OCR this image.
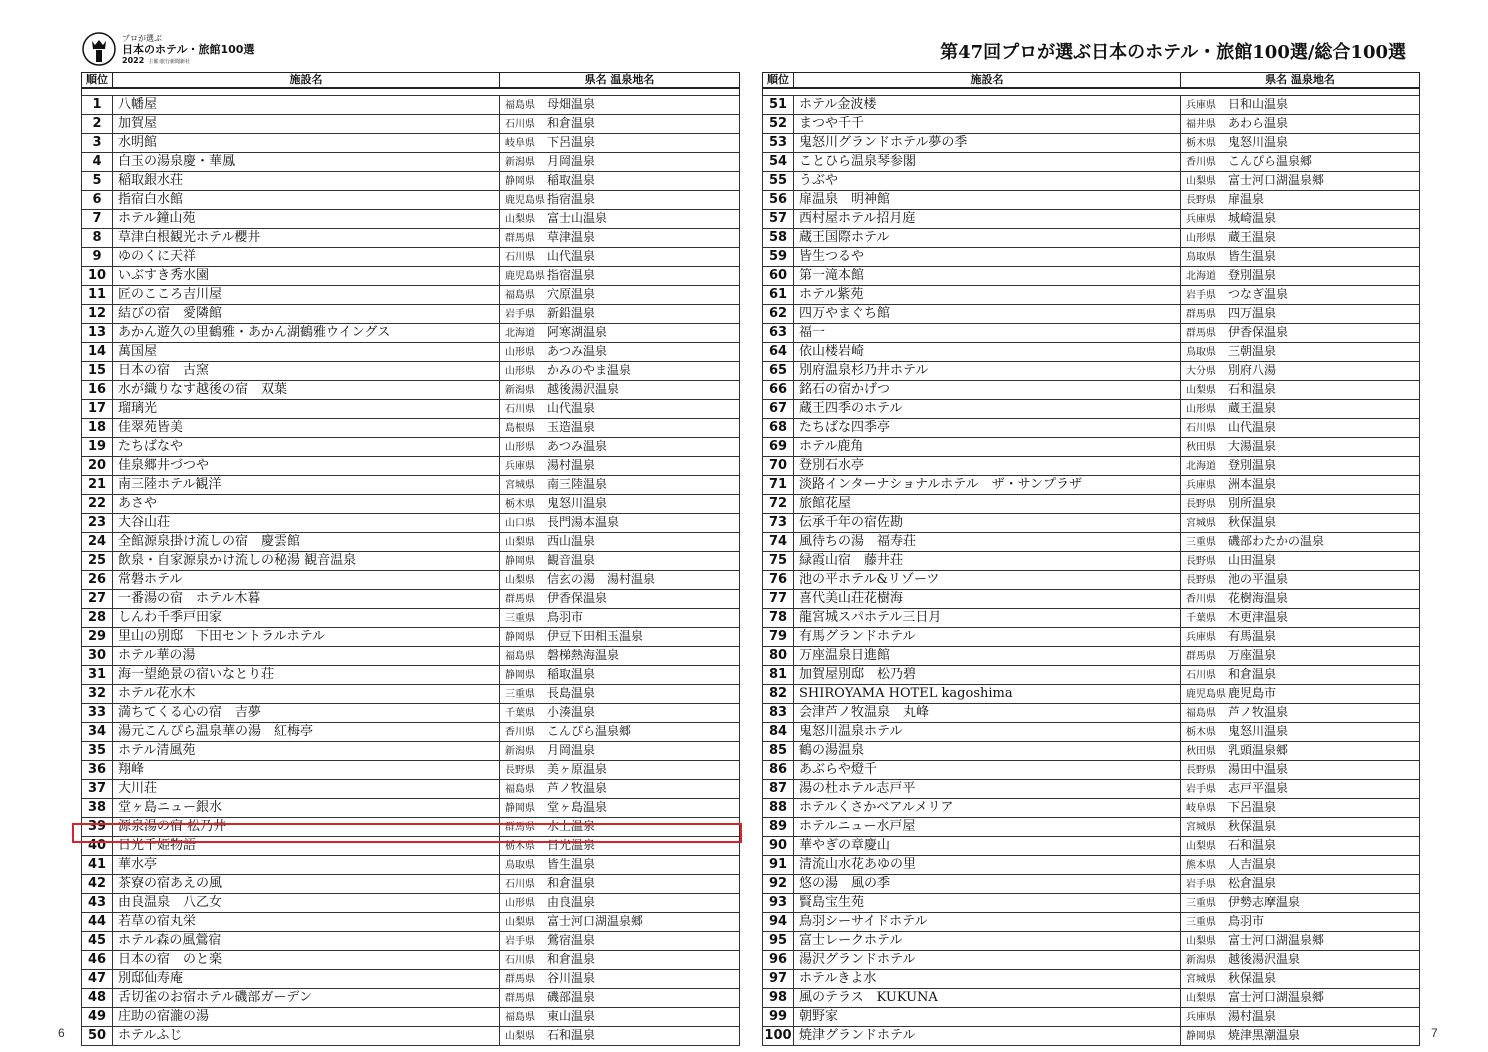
プロが選ぶ
日本のホテル・旅館100選
2022 主催:旅行新聞新社	第47回プロが選ぶ日本のホテル・旅館100選/総合100選
順位	施設名	県名 温泉地名

1	八幡屋	福島県 母畑温泉
2	加賀屋	石川県 和倉温泉
3	水明館	岐阜県 下呂温泉
4	白玉の湯泉慶・華鳳	新潟県 月岡温泉
5	稲取銀水荘	静岡県 稲取温泉
6	指宿白水館	鹿児島県 指宿温泉
7	ホテル鐘山苑	山梨県 富士山温泉
8	草津白根観光ホテル櫻井	群馬県 草津温泉
9	ゆのくに天祥	石川県 山代温泉
10	いぶすき秀水園	鹿児島県 指宿温泉
11	匠のこころ吉川屋	福島県 穴原温泉
12	結びの宿　愛隣館	岩手県 新鉛温泉
13	あかん遊久の里鶴雅・あかん湖鶴雅ウイングス	北海道 阿寒湖温泉
14	萬国屋	山形県 あつみ温泉
15	日本の宿　古窯	山形県 かみのやま温泉
16	水が織りなす越後の宿　双葉	新潟県 越後湯沢温泉
17	瑠璃光	石川県 山代温泉
18	佳翠苑皆美	島根県 玉造温泉
19	たちばなや	山形県 あつみ温泉
20	佳泉郷井づつや	兵庫県 湯村温泉
21	南三陸ホテル観洋	宮城県 南三陸温泉
22	あさや	栃木県 鬼怒川温泉
23	大谷山荘	山口県 長門湯本温泉
24	全館源泉掛け流しの宿　慶雲館	山梨県 西山温泉
25	飲泉・自家源泉かけ流しの秘湯 観音温泉	静岡県 観音温泉
26	常磐ホテル	山梨県 信玄の湯　湯村温泉
27	一番湯の宿　ホテル木暮	群馬県 伊香保温泉
28	しんわ千季戸田家	三重県 鳥羽市
29	里山の別邸　下田セントラルホテル	静岡県 伊豆下田相玉温泉
30	ホテル華の湯	福島県 磐梯熱海温泉
31	海一望絶景の宿いなとり荘	静岡県 稲取温泉
32	ホテル花水木	三重県 長島温泉
33	満ちてくる心の宿　吉夢	千葉県 小湊温泉
34	湯元こんぴら温泉華の湯　紅梅亭	香川県 こんぴら温泉郷
35	ホテル清風苑	新潟県 月岡温泉
36	翔峰	長野県 美ヶ原温泉
37	大川荘	福島県 芦ノ牧温泉
38	堂ヶ島ニュー銀水	静岡県 堂ヶ島温泉
39	源泉湯の宿 松乃井	群馬県 水上温泉
40	日光千姫物語	栃木県 日光温泉
41	華水亭	鳥取県 皆生温泉
42	茶寮の宿あえの風	石川県 和倉温泉
43	由良温泉　八乙女	山形県 由良温泉
44	若草の宿丸栄	山梨県 富士河口湖温泉郷
45	ホテル森の風鶯宿	岩手県 鶯宿温泉
46	日本の宿　のと楽	石川県 和倉温泉
47	別邸仙寿庵	群馬県 谷川温泉
48	舌切雀のお宿ホテル磯部ガーデン	群馬県 磯部温泉
49	庄助の宿瀧の湯	福島県 東山温泉
50	ホテルふじ	山梨県 石和温泉
順位	施設名	県名 温泉地名

51	ホテル金波楼	兵庫県 日和山温泉
52	まつや千千	福井県 あわら温泉
53	鬼怒川グランドホテル夢の季	栃木県 鬼怒川温泉
54	ことひら温泉琴参閣	香川県 こんぴら温泉郷
55	うぶや	山梨県 富士河口湖温泉郷
56	扉温泉　明神館	長野県 扉温泉
57	西村屋ホテル招月庭	兵庫県 城崎温泉
58	蔵王国際ホテル	山形県 蔵王温泉
59	皆生つるや	鳥取県 皆生温泉
60	第一滝本館	北海道 登別温泉
61	ホテル紫苑	岩手県 つなぎ温泉
62	四万やまぐち館	群馬県 四万温泉
63	福一	群馬県 伊香保温泉
64	依山楼岩崎	鳥取県 三朝温泉
65	別府温泉杉乃井ホテル	大分県 別府八湯
66	銘石の宿かげつ	山梨県 石和温泉
67	蔵王四季のホテル	山形県 蔵王温泉
68	たちばな四季亭	石川県 山代温泉
69	ホテル鹿角	秋田県 大湯温泉
70	登別石水亭	北海道 登別温泉
71	淡路インターナショナルホテル　ザ・サンプラザ	兵庫県 洲本温泉
72	旅館花屋	長野県 別所温泉
73	伝承千年の宿佐勘	宮城県 秋保温泉
74	風待ちの湯　福寿荘	三重県 磯部わたかの温泉
75	緑霞山宿　藤井荘	長野県 山田温泉
76	池の平ホテル&リゾーツ	長野県 池の平温泉
77	喜代美山荘花樹海	香川県 花樹海温泉
78	龍宮城スパホテル三日月	千葉県 木更津温泉
79	有馬グランドホテル	兵庫県 有馬温泉
80	万座温泉日進館	群馬県 万座温泉
81	加賀屋別邸　松乃碧	石川県 和倉温泉
82	SHIROYAMA HOTEL kagoshima	鹿児島県 鹿児島市
83	会津芦ノ牧温泉　丸峰	福島県 芦ノ牧温泉
84	鬼怒川温泉ホテル	栃木県 鬼怒川温泉
85	鶴の湯温泉	秋田県 乳頭温泉郷
86	あぶらや燈千	長野県 湯田中温泉
87	湯の杜ホテル志戸平	岩手県 志戸平温泉
88	ホテルくさかべアルメリア	岐阜県 下呂温泉
89	ホテルニュー水戸屋	宮城県 秋保温泉
90	華やぎの章慶山	山梨県 石和温泉
91	清流山水花あゆの里	熊本県 人吉温泉
92	悠の湯　風の季	岩手県 松倉温泉
93	賢島宝生苑	三重県 伊勢志摩温泉
94	鳥羽シーサイドホテル	三重県 鳥羽市
95	富士レークホテル	山梨県 富士河口湖温泉郷
96	湯沢グランドホテル	新潟県 越後湯沢温泉
97	ホテルきよ水	宮城県 秋保温泉
98	風のテラス　KUKUNA	山梨県 富士河口湖温泉郷
99	朝野家	兵庫県 湯村温泉
100	焼津グランドホテル	静岡県 焼津黒潮温泉
6	7
